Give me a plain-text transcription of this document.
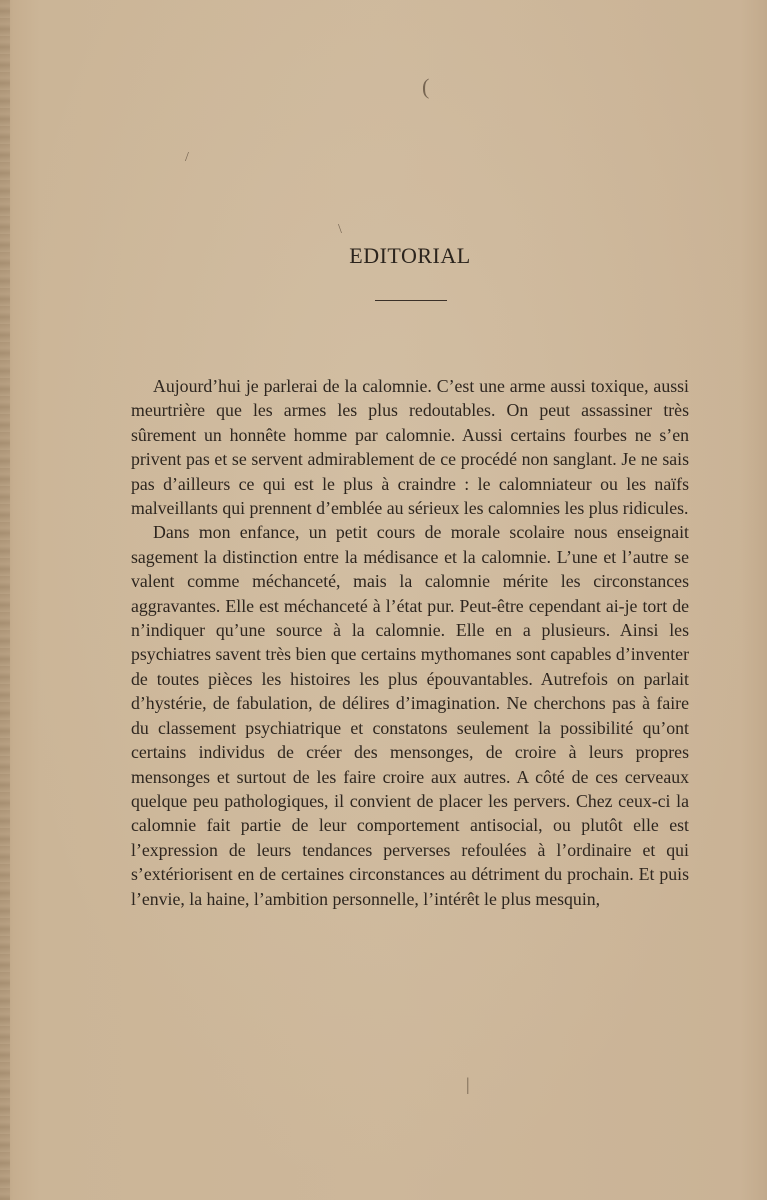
(
/
\
|
EDITORIAL

Aujourd’hui je parlerai de la calomnie. C’est une arme aussi toxique, aussi meurtrière que les armes les plus redoutables. On peut assassiner très sûrement un honnête homme par calomnie. Aussi certains fourbes ne s’en privent pas et se servent admirablement de ce procédé non sanglant. Je ne sais pas d’ailleurs ce qui est le plus à craindre : le calomniateur ou les naïfs malveillants qui prennent d’emblée au sérieux les calomnies les plus ridicules.

Dans mon enfance, un petit cours de morale scolaire nous enseignait sagement la distinction entre la médisance et la calomnie. L’une et l’autre se valent comme méchanceté, mais la calomnie mérite les circonstances aggravantes. Elle est méchanceté à l’état pur. Peut-être cependant ai-je tort de n’indiquer qu’une source à la calomnie. Elle en a plusieurs. Ainsi les psychiatres savent très bien que certains mythomanes sont capables d’inventer de toutes pièces les histoires les plus épouvantables. Autrefois on parlait d’hystérie, de fabulation, de délires d’imagination. Ne cherchons pas à faire du classement psychiatrique et constatons seulement la possibilité qu’ont certains individus de créer des mensonges, de croire à leurs propres mensonges et surtout de les faire croire aux autres. A côté de ces cerveaux quelque peu pathologiques, il convient de placer les pervers. Chez ceux-ci la calomnie fait partie de leur comportement antisocial, ou plutôt elle est l’expression de leurs tendances perverses refoulées à l’ordinaire et qui s’extériorisent en de certaines circonstances au détriment du prochain. Et puis l’envie, la haine, l’ambition personnelle, l’intérêt le plus mesquin,
